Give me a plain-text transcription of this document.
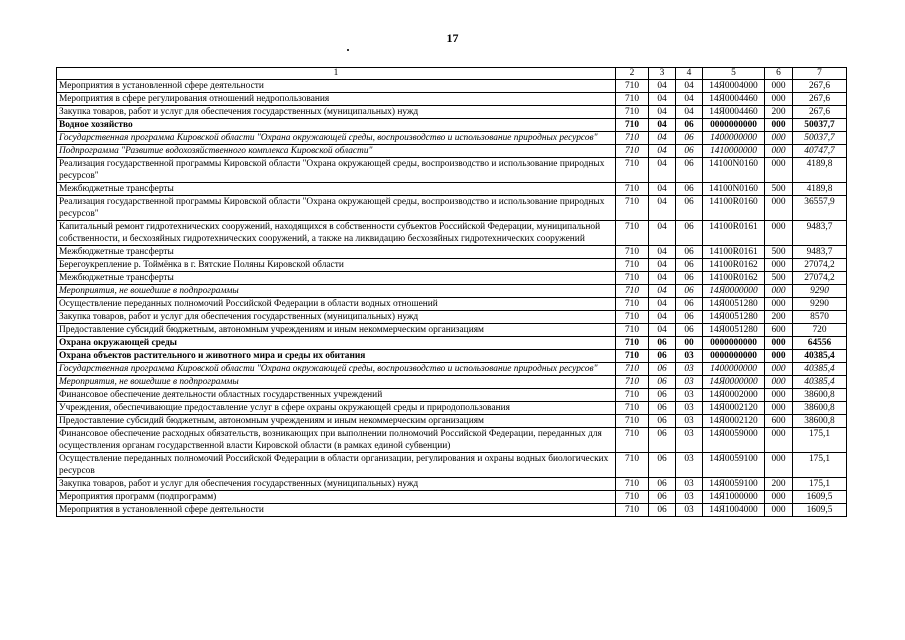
17
1	2	3	4	5	6	7
Мероприятия в установленной сфере деятельности	710	04	04	14Я0004000	000	267,6
Мероприятия в сфере регулирования отношений недропользования	710	04	04	14Я0004460	000	267,6
Закупка товаров, работ и услуг для обеспечения государственных (муниципальных) нужд	710	04	04	14Я0004460	200	267,6
Водное хозяйство	710	04	06	0000000000	000	50037,7
Государственная программа Кировской области "Охрана окружающей среды, воспроизводство и использование природных ресурсов"	710	04	06	1400000000	000	50037,7
Подпрограмма "Развитие водохозяйственного комплекса Кировской области"	710	04	06	1410000000	000	40747,7
Реализация государственной программы Кировской области "Охрана окружающей среды, воспроизводство и использование природных ресурсов"	710	04	06	14100N0160	000	4189,8
Межбюджетные трансферты	710	04	06	14100N0160	500	4189,8
Реализация государственной программы Кировской области "Охрана окружающей среды, воспроизводство и использование природных ресурсов"	710	04	06	14100R0160	000	36557,9
Капитальный ремонт гидротехнических сооружений, находящихся в собственности субъектов Российской Федерации, муниципальной собственности, и бесхозяйных гидротехнических сооружений, а также на ликвидацию бесхозяйных гидротехнических сооружений	710	04	06	14100R0161	000	9483,7
Межбюджетные трансферты	710	04	06	14100R0161	500	9483,7
Берегоукрепление р. Тоймёнка в г. Вятские Поляны Кировской области	710	04	06	14100R0162	000	27074,2
Межбюджетные трансферты	710	04	06	14100R0162	500	27074,2
Мероприятия, не вошедшие в подпрограммы	710	04	06	14Я0000000	000	9290
Осуществление переданных полномочий Российской Федерации в области водных отношений	710	04	06	14Я0051280	000	9290
Закупка товаров, работ и услуг для обеспечения государственных (муниципальных) нужд	710	04	06	14Я0051280	200	8570
Предоставление субсидий бюджетным, автономным учреждениям и иным некоммерческим организациям	710	04	06	14Я0051280	600	720
Охрана окружающей среды	710	06	00	0000000000	000	64556
Охрана объектов растительного и животного мира и среды их обитания	710	06	03	0000000000	000	40385,4
Государственная программа Кировской области "Охрана окружающей среды, воспроизводство и использование природных ресурсов"	710	06	03	1400000000	000	40385,4
Мероприятия, не вошедшие в подпрограммы	710	06	03	14Я0000000	000	40385,4
Финансовое обеспечение деятельности областных государственных учреждений	710	06	03	14Я0002000	000	38600,8
Учреждения, обеспечивающие предоставление услуг в сфере охраны окружающей среды и природопользования	710	06	03	14Я0002120	000	38600,8
Предоставление субсидий бюджетным, автономным учреждениям и иным некоммерческим организациям	710	06	03	14Я0002120	600	38600,8
Финансовое обеспечение расходных обязательств, возникающих при выполнении полномочий Российской Федерации, переданных для осуществления органам государственной власти Кировской области (в рамках единой субвенции)	710	06	03	14Я0059000	000	175,1
Осуществление переданных полномочий Российской Федерации в области организации, регулирования и охраны водных биологических ресурсов	710	06	03	14Я0059100	000	175,1
Закупка товаров, работ и услуг для обеспечения государственных (муниципальных) нужд	710	06	03	14Я0059100	200	175,1
Мероприятия программ (подпрограмм)	710	06	03	14Я1000000	000	1609,5
Мероприятия в установленной сфере деятельности	710	06	03	14Я1004000	000	1609,5
